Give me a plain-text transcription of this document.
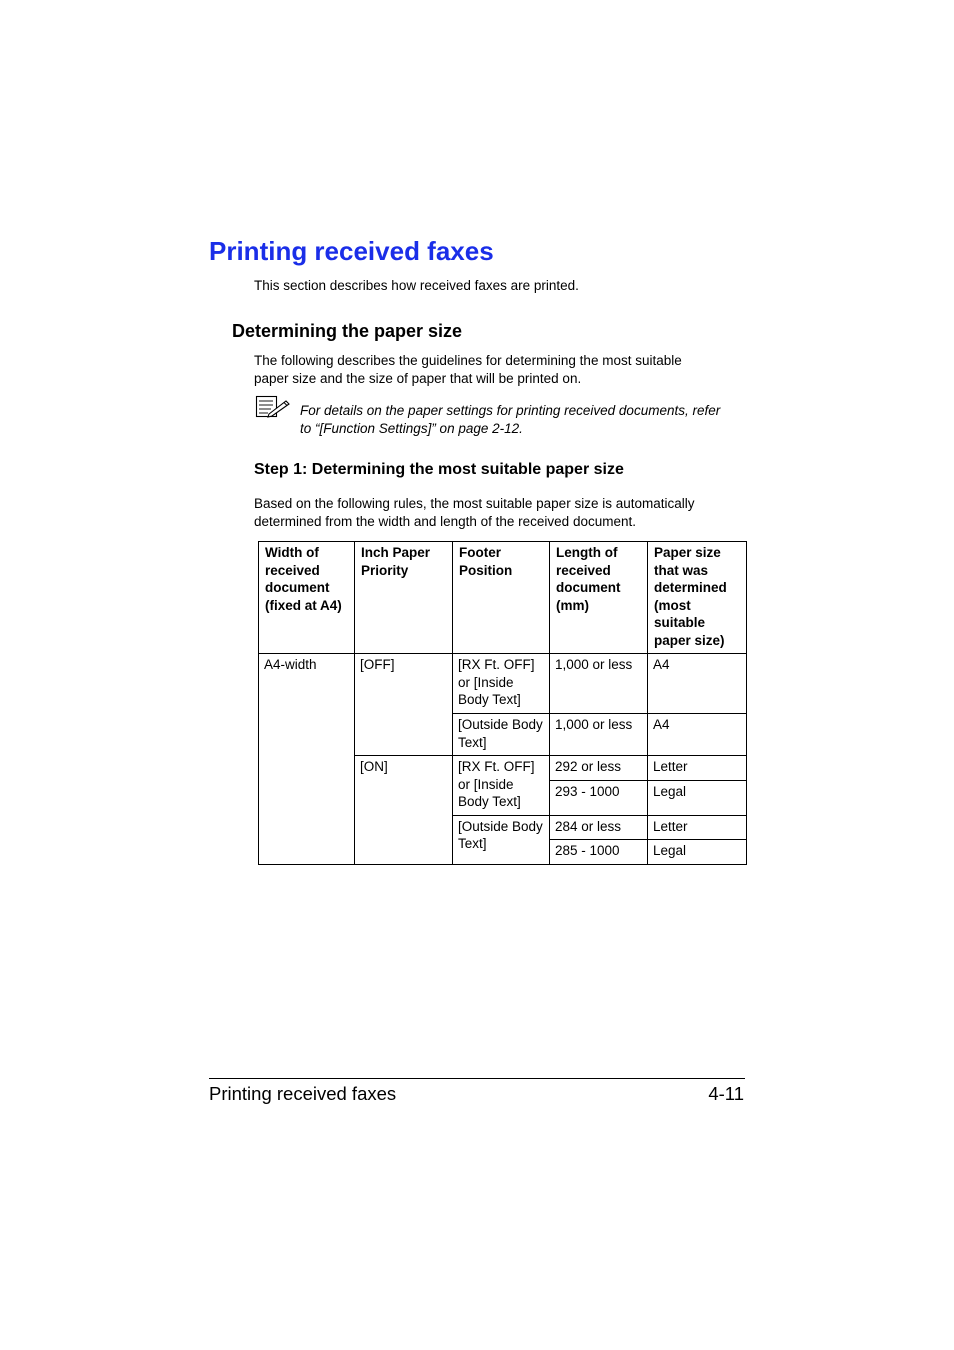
Printing received faxes

This section describes how received faxes are printed.

Determining the paper size

The following describes the guidelines for determining the most suitable
paper size and the size of paper that will be printed on.

For details on the paper settings for printing received documents, refer
to “[Function Settings]” on page 2-12.

Step 1: Determining the most suitable paper size

Based on the following rules, the most suitable paper size is automatically
determined from the width and length of the received document.

Width of received document (fixed at A4)	Inch Paper Priority	Footer Position	Length of received document (mm)	Paper size that was determined (most suitable paper size)
A4-width	[OFF]	[RX Ft. OFF] or [Inside Body Text]	1,000 or less	A4
		[Outside Body Text]	1,000 or less	A4
	[ON]	[RX Ft. OFF] or [Inside Body Text]	292 or less	Letter
			293 - 1000	Legal
		[Outside Body Text]	284 or less	Letter
			285 - 1000	Legal

Printing received faxes	4-11
